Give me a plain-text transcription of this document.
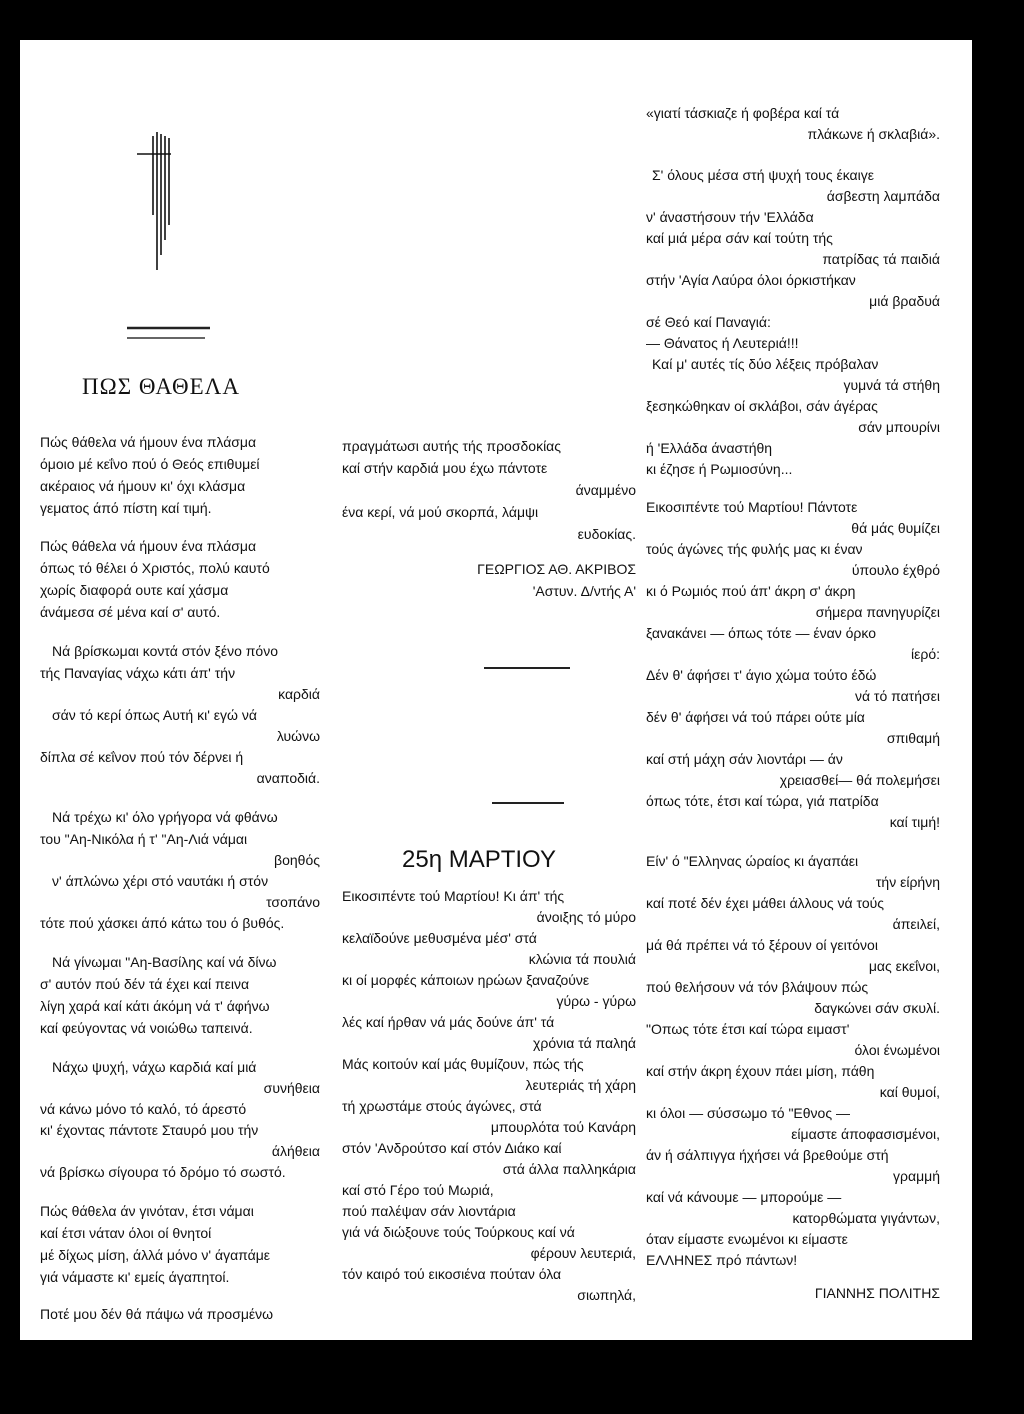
ΠΩΣ ΘΑΘΕΛΑ
Πώς θάθελα νά ήμουν ένα πλάσμα
όμοιο μέ κεΐνο πού ό Θεός επιθυμεί
ακέραιος νά ήμουν κι' όχι κλάσμα
γεματος άπό πίστη καί τιμή.
Πώς θάθελα νά ήμουν ένα πλάσμα
όπως τό θέλει ό Χριστός, πολύ καυτό
χωρίς διαφορά ουτε καί χάσμα
άνάμεσα σέ μένα καί σ' αυτό.
Νά βρίσκωμαι κοντά στόν ξένο πόνο
τής Παναγίας νάχω κάτι άπ' τήν
καρδιά
σάν τό κερί όπως Αυτή κι' εγώ νά
λυώνω
δίπλα σέ κεΐνον πού τόν δέρνει ή
αναποδιά.
Νά τρέχω κι' όλο γρήγορα νά φθάνω
του "Αη-Νικόλα ή τ' "Αη-Λιά νάμαι
βοηθός
ν' άπλώνω χέρι στό ναυτάκι ή στόν
τσοπάνο
τότε πού χάσκει άπό κάτω του ό βυθός.
Νά γίνωμαι "Αη-Βασίλης καί νά δίνω
σ' αυτόν πού δέν τά έχει καί πεινα
λίγη χαρά καί κάτι άκόμη νά τ' άφήνω
καί φεύγοντας νά νοιώθω ταπεινά.
Νάχω ψυχή, νάχω καρδιά καί μιά
συνήθεια
νά κάνω μόνο τό καλό, τό άρεστό
κι' έχοντας πάντοτε Σταυρό μου τήν
άλήθεια
νά βρίσκω σίγουρα τό δρόμο τό σωστό.
Πώς θάθελα άν γινόταν, έτσι νάμαι
καί έτσι νάταν όλοι οί θνητοί
μέ δίχως μίση, άλλά μόνο ν' άγαπάμε
γιά νάμαστε κι' εμείς άγαπητοί.
Ποτέ μου δέν θά πάψω νά προσμένω
πραγμάτωσι αυτής τής προσδοκίας
καί στήν καρδιά μου έχω πάντοτε
άναμμένο
ένα κερί, νά μού σκορπά, λάμψι
ευδοκίας.
ΓΕΩΡΓΙΟΣ ΑΘ. ΑΚΡΙΒΟΣ
'Αστυν. Δ/ντής Α'
25η ΜΑΡΤΙΟΥ
Εικοσιπέντε τού Μαρτίου! Κι άπ' τής
άνοιξης τό μύρο
κελαϊδούνε μεθυσμένα μέσ' στά
κλώνια τά πουλιά
κι οί μορφές κάποιων ηρώων ξαναζούνε
γύρω - γύρω
λές καί ήρθαν νά μάς δούνε άπ' τά
χρόνια τά παληά
Μάς κοιτούν καί μάς θυμίζουν, πώς τής
λευτεριάς τή χάρη
τή χρωστάμε στούς άγώνες, στά
μπουρλότα τού Κανάρη
στόν 'Ανδρούτσο καί στόν Διάκο καί
στά άλλα παλληκάρια
καί στό Γέρο τού Μωριά,
πού παλέψαν σάν λιοντάρια
γιά νά διώξουνε τούς Τούρκους καί νά
φέρουν λευτεριά,
τόν καιρό τού εικοσιένα πούταν όλα
σιωπηλά,
«γιατί τάσκιαζε ή φοβέρα καί τά
πλάκωνε ή σκλαβιά».
Σ' όλους μέσα στή ψυχή τους έκαιγε
άσβεστη λαμπάδα
ν' άναστήσουν τήν 'Ελλάδα
καί μιά μέρα σάν καί τούτη τής
πατρίδας τά παιδιά
στήν 'Αγία Λαύρα όλοι όρκιστήκαν
μιά βραδυά
σέ Θεό καί Παναγιά:
— Θάνατος ή Λευτεριά!!!
Καί μ' αυτές τίς δύο λέξεις πρόβαλαν
γυμνά τά στήθη
ξεσηκώθηκαν οί σκλάβοι, σάν άγέρας
σάν μπουρίνι
ή 'Ελλάδα άναστήθη
κι έζησε ή Ρωμιοσύνη...
Εικοσιπέντε τού Μαρτίου! Πάντοτε
θά μάς θυμίζει
τούς άγώνες τής φυλής μας κι έναν
ύπουλο έχθρό
κι ό Ρωμιός πού άπ' άκρη σ' άκρη
σήμερα πανηγυρίζει
ξανακάνει — όπως τότε — έναν όρκο
ίερό:
Δέν θ' άφήσει τ' άγιο χώμα τούτο έδώ
νά τό πατήσει
δέν θ' άφήσει νά τού πάρει ούτε μία
σπιθαμή
καί στή μάχη σάν λιοντάρι — άν
χρειασθεί— θά πολεμήσει
όπως τότε, έτσι καί τώρα, γιά πατρίδα
καί τιμή!
Είν' ό "Ελληνας ώραίος κι άγαπάει
τήν είρήνη
καί ποτέ δέν έχει μάθει άλλους νά τούς
άπειλεί,
μά θά πρέπει νά τό ξέρουν οί γειτόνοι
μας εκεΐνοι,
πού θελήσουν νά τόν βλάψουν πώς
δαγκώνει σάν σκυλί.
"Οπως τότε έτσι καί τώρα ειμαστ'
όλοι ένωμένοι
καί στήν άκρη έχουν πάει μίση, πάθη
καί θυμοί,
κι όλοι — σύσσωμο τό "Εθνος —
είμαστε άποφασισμένοι,
άν ή σάλπιγγα ήχήσει νά βρεθούμε στή
γραμμή
καί νά κάνουμε — μπορούμε —
κατορθώματα γιγάντων,
όταν είμαστε ενωμένοι κι είμαστε
ΕΛΛΗΝΕΣ πρό πάντων!
ΓΙΑΝΝΗΣ ΠΟΛΙΤΗΣ
251
